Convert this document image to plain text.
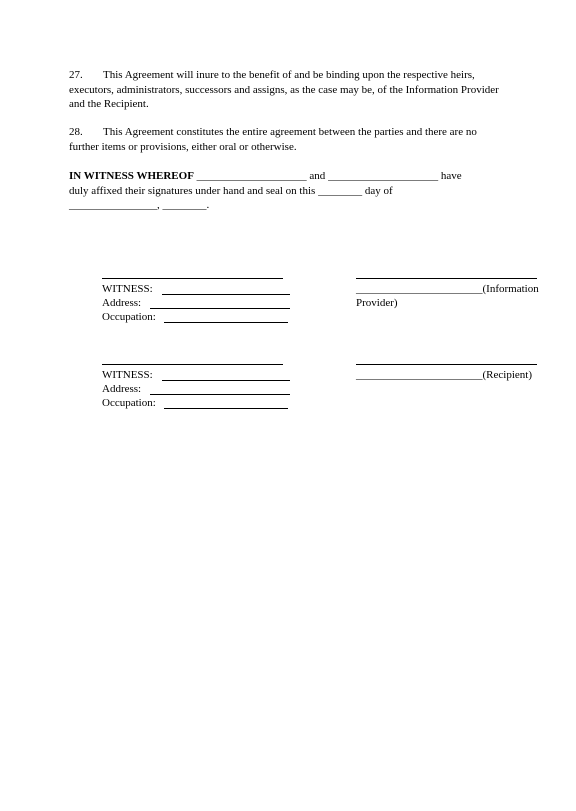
27. This Agreement will inure to the benefit of and be binding upon the respective heirs, executors, administrators, successors and assigns, as the case may be, of the Information Provider and the Recipient.

28. This Agreement constitutes the entire agreement between the parties and there are no further items or provisions, either oral or otherwise.

IN WITNESS WHEREOF ____________________ and ____________________ have
duly affixed their signatures under hand and seal on this ________ day of
________________, ________.
WITNESS:
Address:
Occupation:
_______________________(Information
Provider)
WITNESS:
Address:
Occupation:
_______________________(Recipient)
